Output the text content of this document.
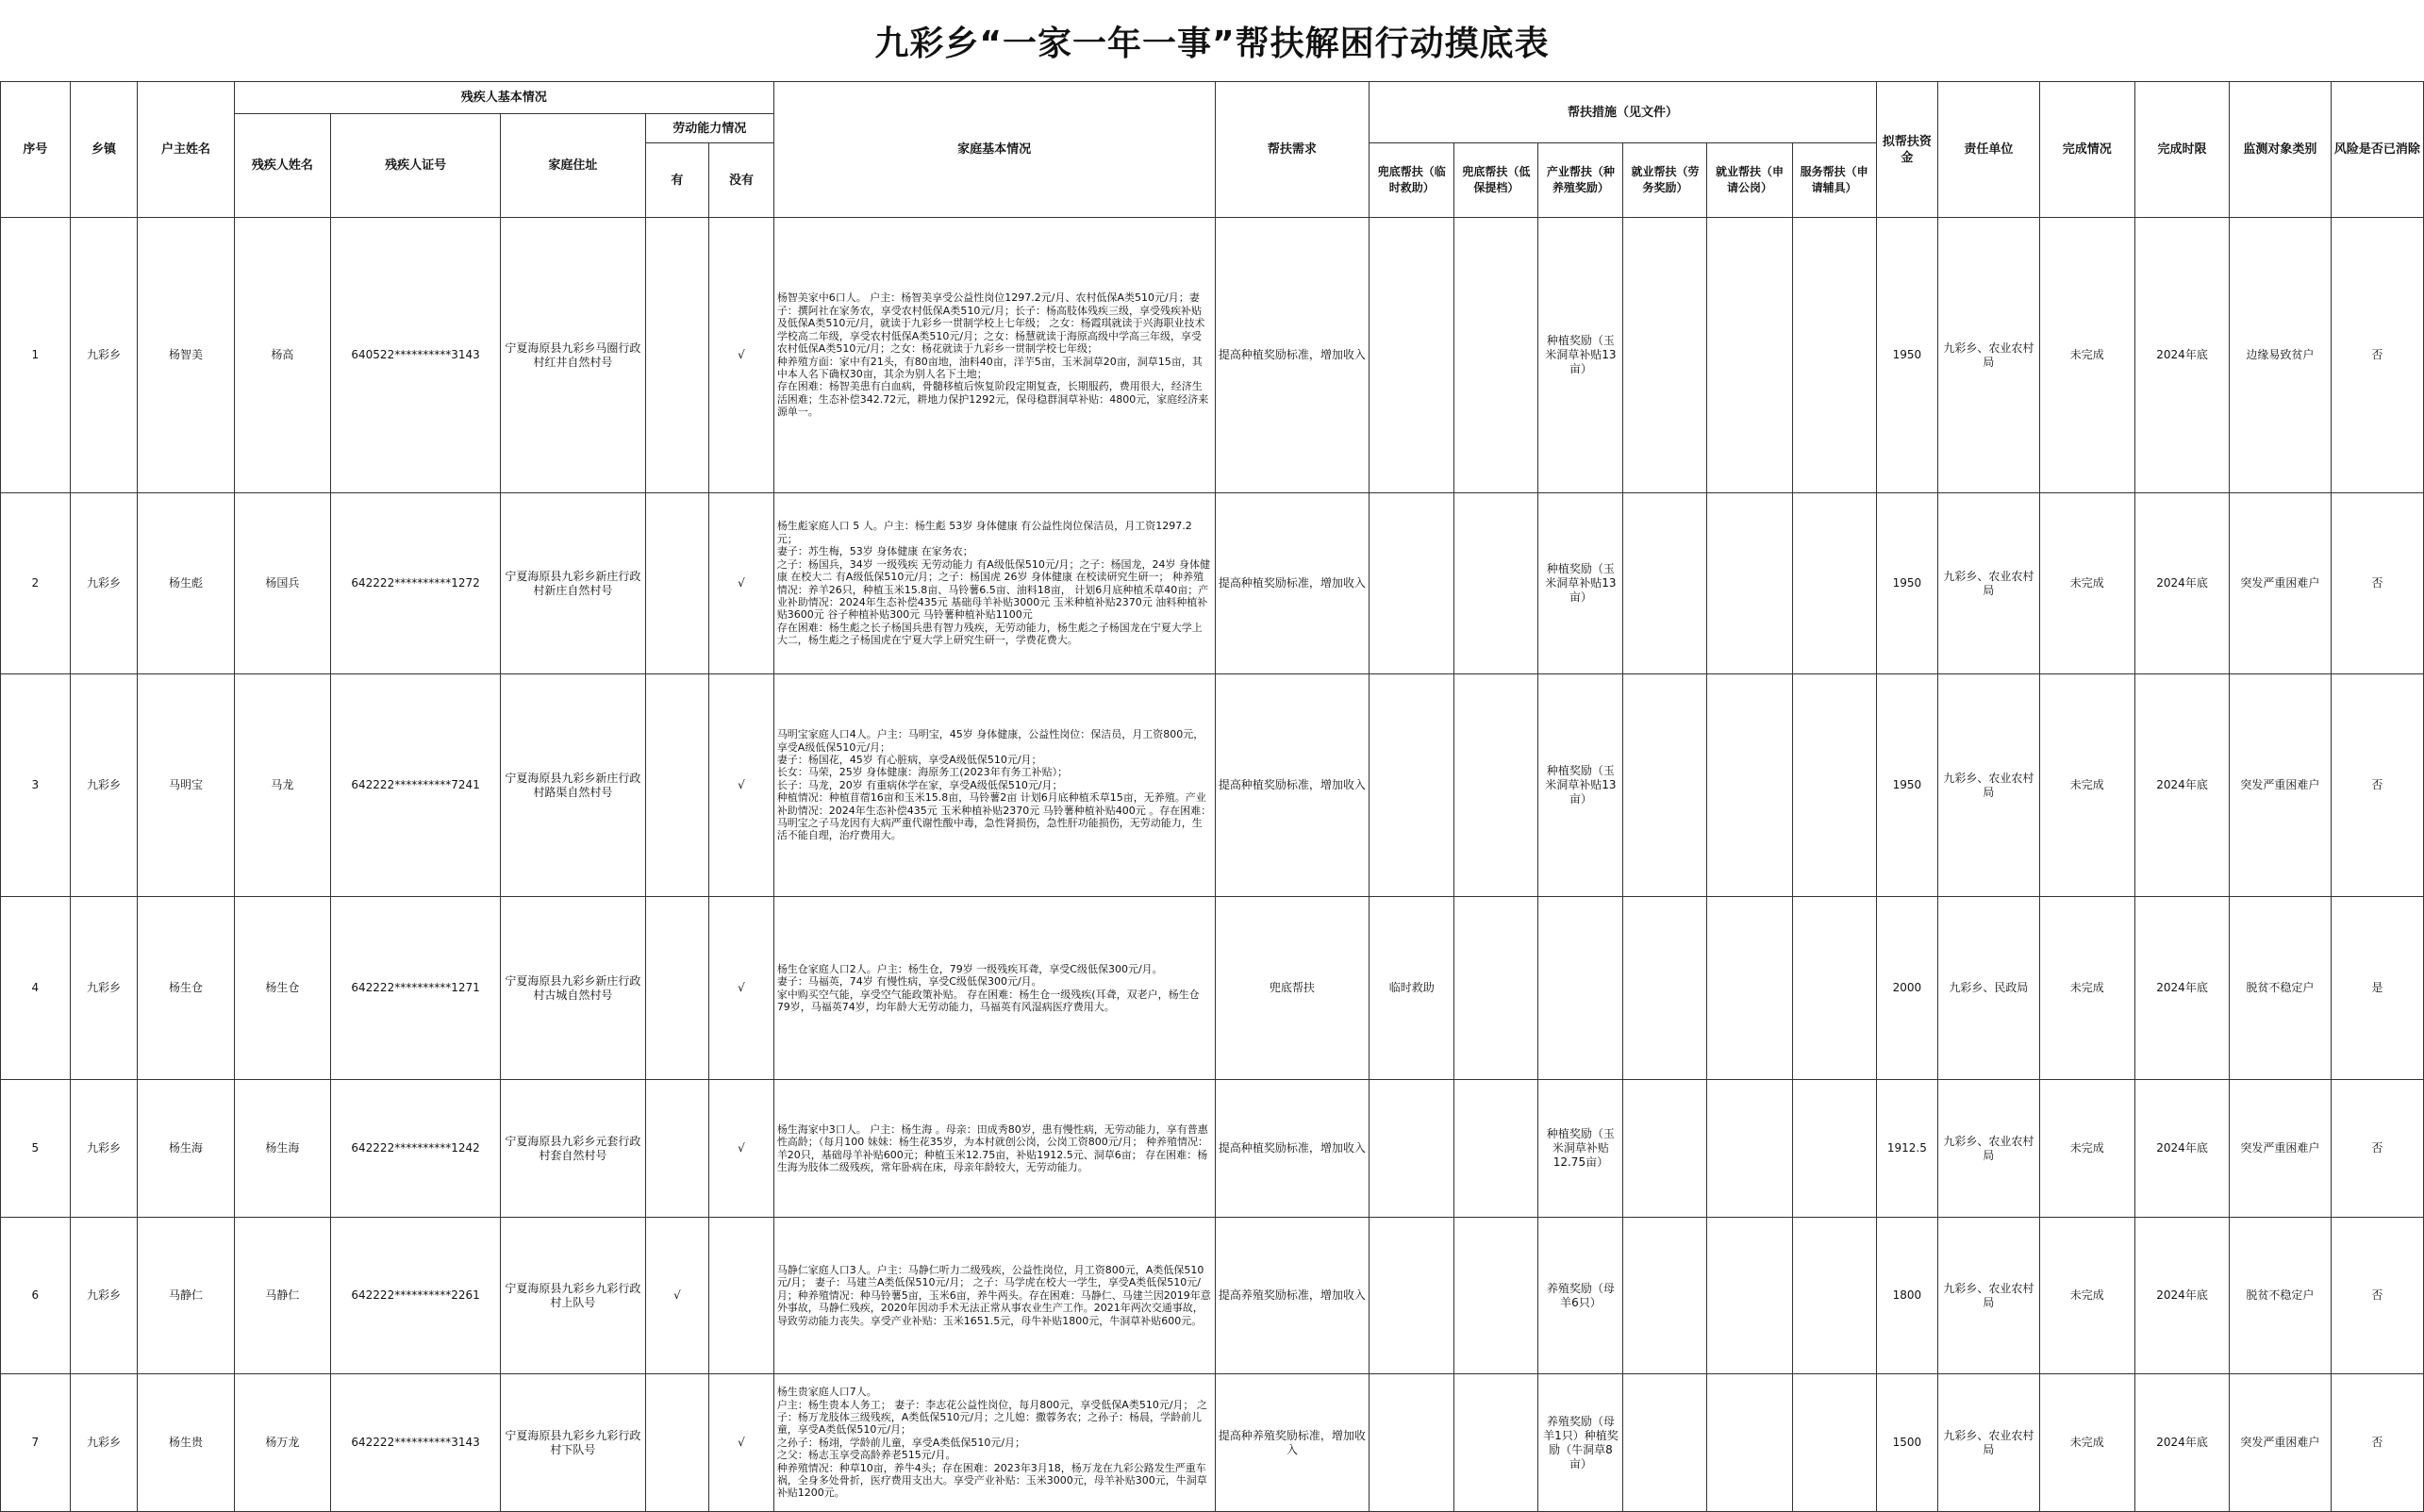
九彩乡“一家一年一事”帮扶解困行动摸底表
序号	乡镇	户主姓名	残疾人基本情况					家庭基本情况	帮扶需求	帮扶措施（见文件）						拟帮扶资金	责任单位	完成情况	完成时限	监测对象类别	风险是否已消除
			残疾人姓名	残疾人证号	家庭住址	劳动能力情况															
						有	没有			兜底帮扶（临时救助）	兜底帮扶（低保提档）	产业帮扶（种养殖奖励）	就业帮扶（劳务奖励）	就业帮扶（申请公岗）	服务帮扶（申请辅具）						
1	九彩乡	杨智美	杨高	640522**********3143	宁夏海原县九彩乡马圈行政村红井自然村号		√	杨智美家中6口人。 户主：杨智美享受公益性岗位1297.2元/月、农村低保A类510元/月；妻子：撰阿社在家务农，享受农村低保A类510元/月；长子：杨高肢体残疾三级，享受残疾补贴及低保A类510元/月，就读于九彩乡一贯制学校上七年级； 之女：杨霞琪就读于兴海职业技术学校高二年级，享受农村低保A类510元/月；之女：杨慧就读于海原高级中学高三年级，享受农村低保A类510元/月；之女：杨花就读于九彩乡一贯制学校七年级；
种养殖方面：家中有21头，有80亩地，油料40亩，洋芋5亩，玉米洞草20亩，洞草15亩，其中本人名下确权30亩，其余为别人名下土地；
存在困难：杨智美患有白血病，骨髓移植后恢复阶段定期复查，长期服药，费用很大，经济生活困难；生态补偿342.72元，耕地力保护1292元，保母稳群洞草补贴：4800元，家庭经济来源单一。	提高种植奖励标准，增加收入			种植奖励（玉米洞草补贴13亩）				1950	九彩乡、农业农村局	未完成	2024年底	边缘易致贫户	否
2	九彩乡	杨生彪	杨国兵	642222**********1272	宁夏海原县九彩乡新庄行政村新庄自然村号		√	杨生彪家庭人口 5 人。户主：杨生彪 53岁 身体健康 有公益性岗位保洁员，月工资1297.2元；
妻子：苏生梅，53岁 身体健康 在家务农；
之子：杨国兵，34岁 一级残疾 无劳动能力 有A级低保510元/月；之子：杨国龙，24岁 身体健康 在校大二 有A级低保510元/月；之子：杨国虎 26岁 身体健康 在校读研究生研一； 种养殖情况：养羊26只，种植玉米15.8亩、马铃薯6.5亩、油料18亩， 计划6月底种植禾草40亩；产业补助情况：2024年生态补偿435元 基础母羊补贴3000元 玉米种植补贴2370元 油料种植补贴3600元 谷子种植补贴300元 马铃薯种植补贴1100元
存在困难：杨生彪之长子杨国兵患有智力残疾，无劳动能力，杨生彪之子杨国龙在宁夏大学上大二，杨生彪之子杨国虎在宁夏大学上研究生研一，学费花费大。	提高种植奖励标准，增加收入			种植奖励（玉米洞草补贴13亩）				1950	九彩乡、农业农村局	未完成	2024年底	突发严重困难户	否
3	九彩乡	马明宝	马龙	642222**********7241	宁夏海原县九彩乡新庄行政村路渠自然村号		√	马明宝家庭人口4人。户主：马明宝，45岁 身体健康，公益性岗位：保洁员，月工资800元， 享受A级低保510元/月；
妻子：杨国花，45岁 有心脏病，享受A级低保510元/月；
长女：马荣，25岁 身体健康：海原务工(2023年有务工补贴）；
长子：马龙，20岁 有重病休学在家，享受A级低保510元/月；
种植情况：种植苜蓿16亩和玉米15.8亩，马铃薯2亩 计划6月底种植禾草15亩，无养殖。产业补助情况：2024年生态补偿435元 玉米种植补贴2370元 马铃薯种植补贴400元 。存在困难：马明宝之子马龙因有大病严重代谢性酸中毒，急性肾损伤，急性肝功能损伤，无劳动能力，生活不能自理，治疗费用大。	提高种植奖励标准，增加收入			种植奖励（玉米洞草补贴13亩）				1950	九彩乡、农业农村局	未完成	2024年底	突发严重困难户	否
4	九彩乡	杨生仓	杨生仓	642222**********1271	宁夏海原县九彩乡新庄行政村古城自然村号		√	杨生仓家庭人口2人。户主：杨生仓，79岁 一级残疾耳聋，享受C级低保300元/月。
妻子：马福英，74岁 有慢性病，享受C级低保300元/月。
家中购买空气能，享受空气能政策补贴。 存在困难：杨生仓一级残疾(耳聋，双老户，杨生仓79岁，马福英74岁，均年龄大无劳动能力，马福英有风湿病医疗费用大。	兜底帮扶	临时救助						2000	九彩乡、民政局	未完成	2024年底	脱贫不稳定户	是
5	九彩乡	杨生海	杨生海	642222**********1242	宁夏海原县九彩乡元套行政村套自然村号		√	杨生海家中3口人。 户主：杨生海 。母亲：田成秀80岁，患有慢性病，无劳动能力，享有普惠性高龄；（每月100 妹妹：杨生花35岁，为本村就创公岗，公岗工资800元/月； 种养殖情况：羊20只，基础母羊补贴600元；种植玉米12.75亩，补贴1912.5元、洞草6亩； 存在困难：杨生海为肢体二级残疾，常年卧病在床，母亲年龄较大，无劳动能力。	提高种植奖励标准，增加收入			种植奖励（玉米洞草补贴12.75亩）				1912.5	九彩乡、农业农村局	未完成	2024年底	突发严重困难户	否
6	九彩乡	马静仁	马静仁	642222**********2261	宁夏海原县九彩乡九彩行政村上队号	√		马静仁家庭人口3人。户主：马静仁听力二级残疾，公益性岗位，月工资800元，A类低保510元/月； 妻子：马建兰A类低保510元/月； 之子：马学虎在校大一学生，享受A类低保510元/月；种养殖情况：种马铃薯5亩，玉米6亩，养牛两头。存在困难：马静仁、马建兰因2019年意外事故，马静仁残疾，2020年因动手术无法正常从事农业生产工作。2021年两次交通事故，导致劳动能力丧失。享受产业补贴：玉米1651.5元，母牛补贴1800元，牛洞草补贴600元。	提高养殖奖励标准，增加收入			养殖奖励（母羊6只）				1800	九彩乡、农业农村局	未完成	2024年底	脱贫不稳定户	否
7	九彩乡	杨生贵	杨万龙	642222**********3143	宁夏海原县九彩乡九彩行政村下队号		√	杨生贵家庭人口7人。
户主：杨生贵本人务工； 妻子：李志花公益性岗位，每月800元，享受低保A类510元/月； 之子：杨万龙肢体三级残疾，A类低保510元/月；之儿媳：撒蓉务农；之孙子：杨晨，学龄前儿童，享受A类低保510元/月；
之孙子：杨翊，学龄前儿童，享受A类低保510元/月；
之父：杨志玉享受高龄养老515元/月。
种养殖情况：种草10亩，养牛4头；存在困难：2023年3月18，杨万龙在九彩公路发生严重车祸，全身多处骨折，医疗费用支出大。享受产业补贴：玉米3000元，母羊补贴300元，牛洞草补贴1200元。	提高种养殖奖励标准，增加收入			养殖奖励（母羊1只）种植奖励（牛洞草8亩）				1500	九彩乡、农业农村局	未完成	2024年底	突发严重困难户	否
